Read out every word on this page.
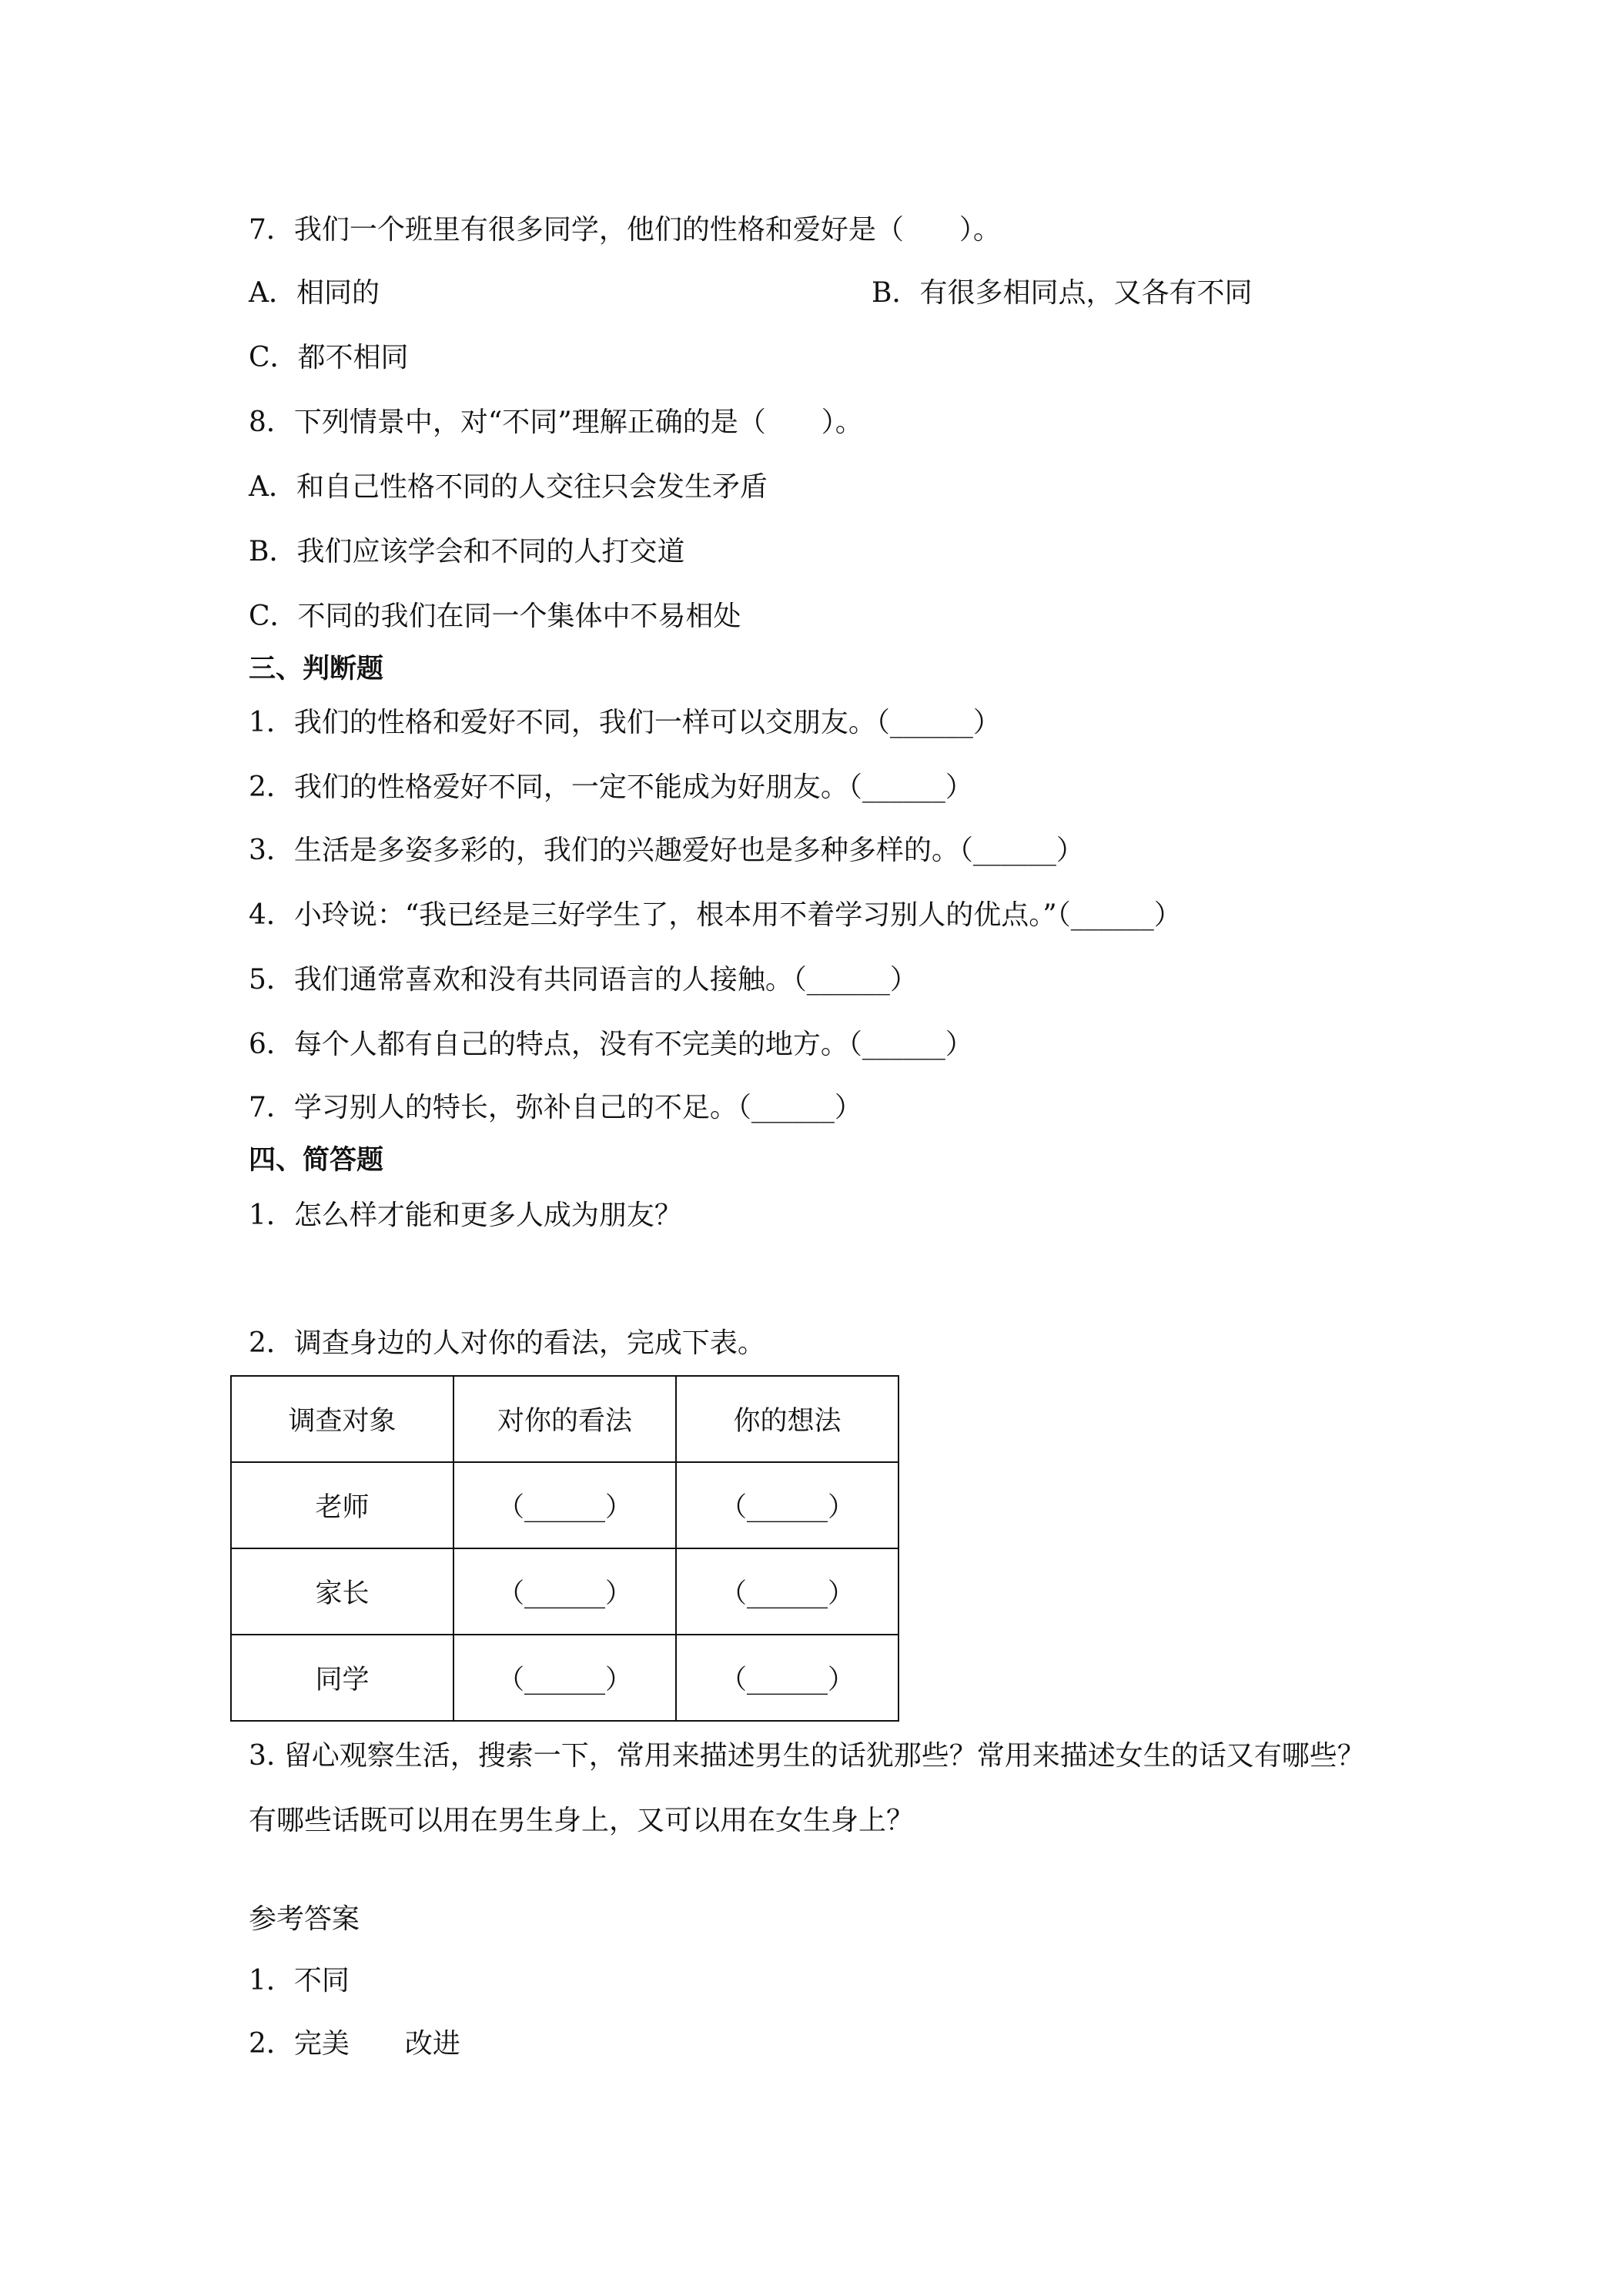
7．我们一个班里有很多同学，他们的性格和爱好是（　　）。
A．相同的	B．有很多相同点，又各有不同
C．都不相同
8．下列情景中，对“不同”理解正确的是（　　）。
A．和自己性格不同的人交往只会发生矛盾
B．我们应该学会和不同的人打交道
C．不同的我们在同一个集体中不易相处
三、判断题
1．我们的性格和爱好不同，我们一样可以交朋友。（______）
2．我们的性格爱好不同，一定不能成为好朋友。（______）
3．生活是多姿多彩的，我们的兴趣爱好也是多种多样的。（______）
4．小玲说：“我已经是三好学生了，根本用不着学习别人的优点。”（______）
5．我们通常喜欢和没有共同语言的人接触。（______）
6．每个人都有自己的特点，没有不完美的地方。（______）
7．学习别人的特长，弥补自己的不足。（______）
四、简答题
1．怎么样才能和更多人成为朋友？
2．调查身边的人对你的看法，完成下表。
调查对象	对你的看法	你的想法
老师	（______）	（______）
家长	（______）	（______）
同学	（______）	（______）
3. 留心观察生活，搜索一下，常用来描述男生的话犹那些？常用来描述女生的话又有哪些？
有哪些话既可以用在男生身上，又可以用在女生身上？
参考答案
1．不同
2．完美　　改进
